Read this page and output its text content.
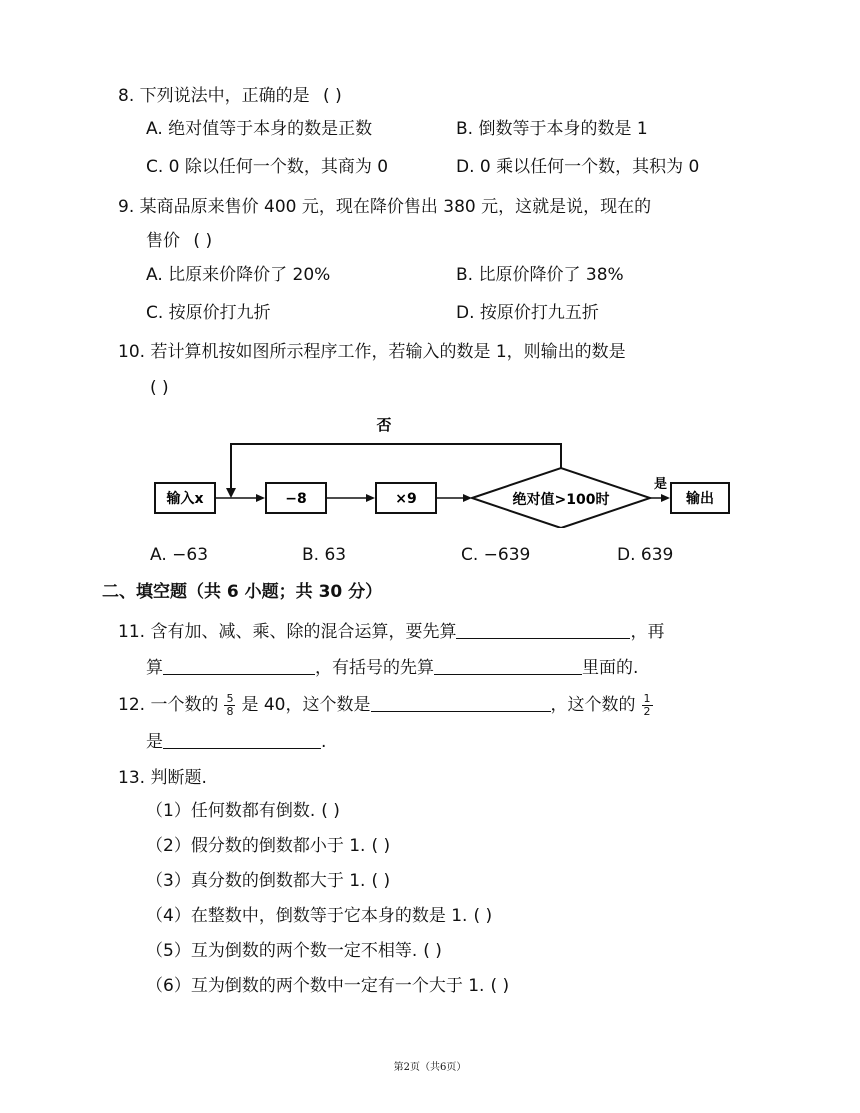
8. 下列说法中，正确的是 ( )
A. 绝对值等于本身的数是正数	B. 倒数等于本身的数是 1
C. 0 除以任何一个数，其商为 0	D. 0 乘以任何一个数，其积为 0
9. 某商品原来售价 400 元，现在降价售出 380 元，这就是说，现在的
售价 ( )
A. 比原来价降价了 20%	B. 比原价降价了 38%
C. 按原价打九折	D. 按原价打九五折
10. 若计算机按如图所示程序工作，若输入的数是 1，则输出的数是
( )
否
输入x	−8	×9	绝对值>100时
是
输出
A. −63	B. 63	C. −639	D. 639
二、填空题（共 6 小题；共 30 分）
11. 含有加、减、乘、除的混合运算，要先算	，再
算	，有括号的先算	里面的.
12. 一个数的 $\frac{5}{8}$ 是 40，这个数是	，这个数的 $\frac{1}{2}$
是	.
13. 判断题.
（1）任何数都有倒数. ( )
（2）假分数的倒数都小于 1. ( )
（3）真分数的倒数都大于 1. ( )
（4）在整数中，倒数等于它本身的数是 1. ( )
（5）互为倒数的两个数一定不相等. ( )
（6）互为倒数的两个数中一定有一个大于 1. ( )
第2页（共6页）
